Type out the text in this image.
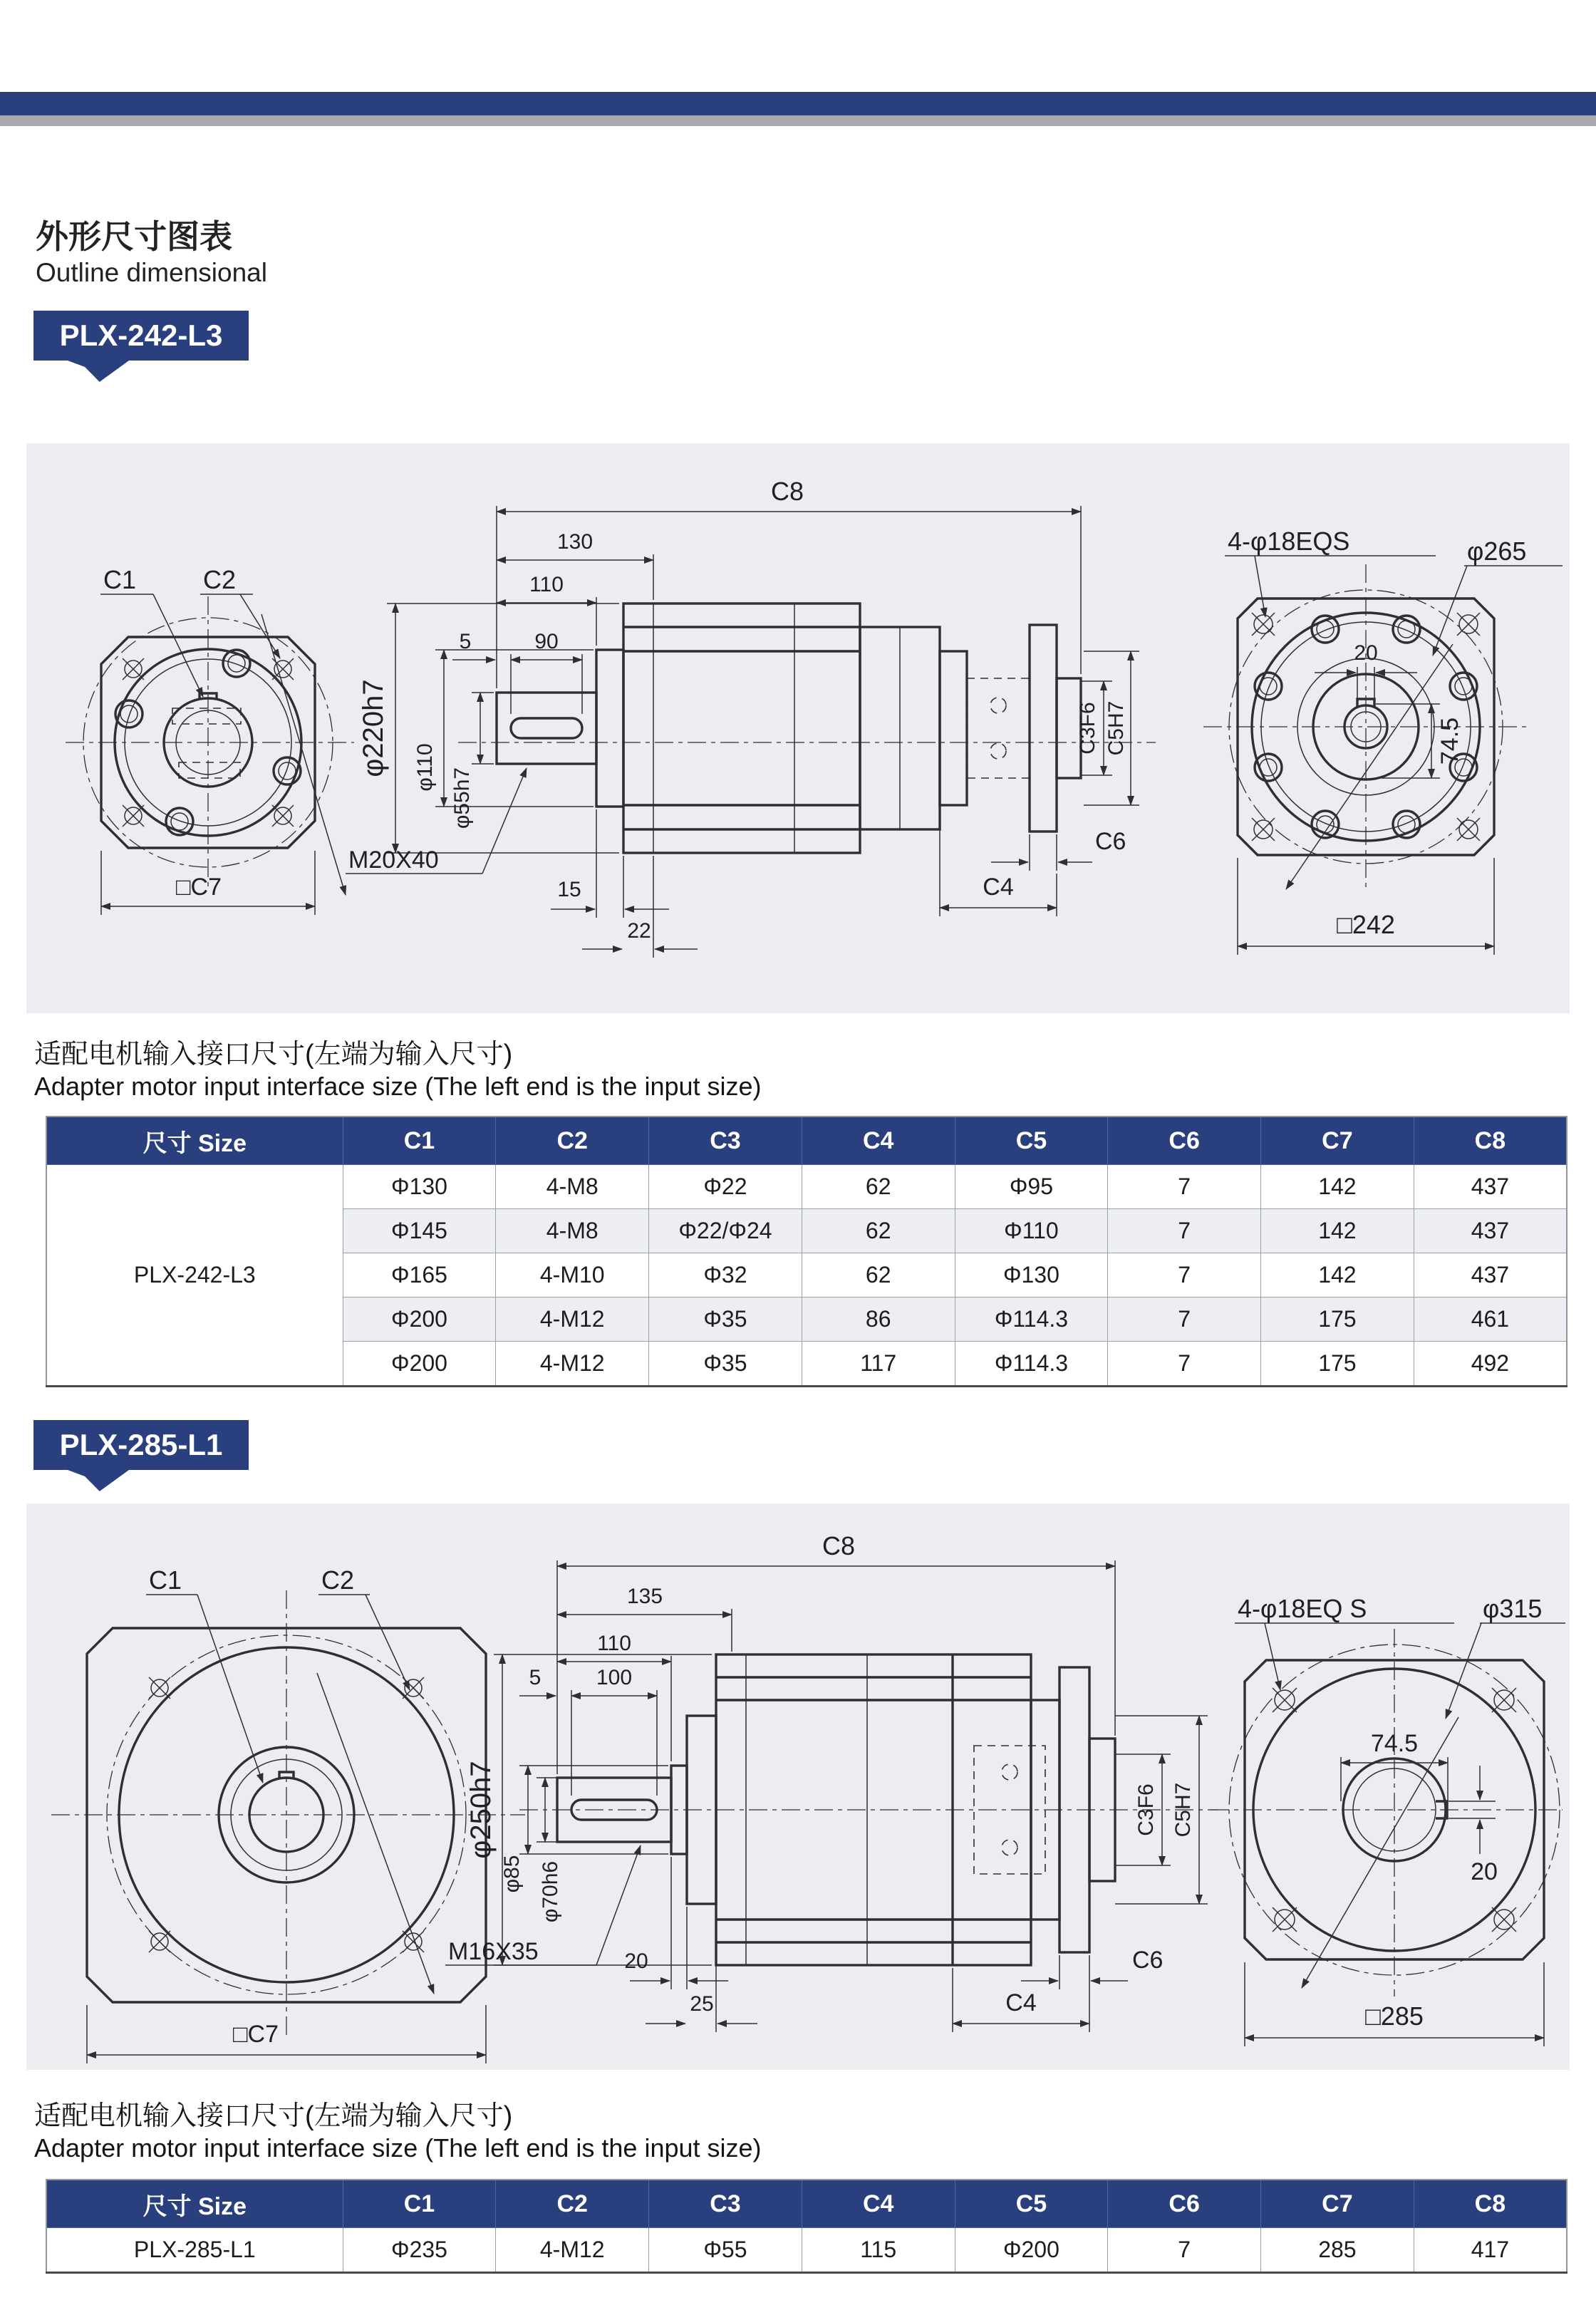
外形尺寸图表
Outline dimensional
PLX-242-L3
C1	C2
□C7
C8
130
110
5	90
φ220h7 φ110 φ55h7
M20X40
15
22
C6
C4
C3F6 C5H7
20
74.5
4-φ18EQS	φ265
□242
适配电机输入接口尺寸(左端为输入尺寸)
Adapter motor input interface size (The left end is the input size)
尺寸 Size	C1	C2	C3	C4	C5	C6	C7	C8
PLX-242-L3	Φ130	4-M8	Φ22	62	Φ95	7	142	437
	Φ145	4-M8	Φ22/Φ24	62	Φ110	7	142	437
	Φ165	4-M10	Φ32	62	Φ130	7	142	437
	Φ200	4-M12	Φ35	86	Φ114.3	7	175	461
	Φ200	4-M12	Φ35	117	Φ114.3	7	175	492
PLX-285-L1
C1	C2
□C7
C8
135
110
5	100
φ250h7
φ85 φ70h6
M16X35	20
25	C4
C6
C3F6 C5H7
74.5
20
4-φ18EQ S	φ315
□285
适配电机输入接口尺寸(左端为输入尺寸)
Adapter motor input interface size (The left end is the input size)
尺寸 Size	C1	C2	C3	C4	C5	C6	C7	C8
PLX-285-L1	Φ235	4-M12	Φ55	115	Φ200	7	285	417
